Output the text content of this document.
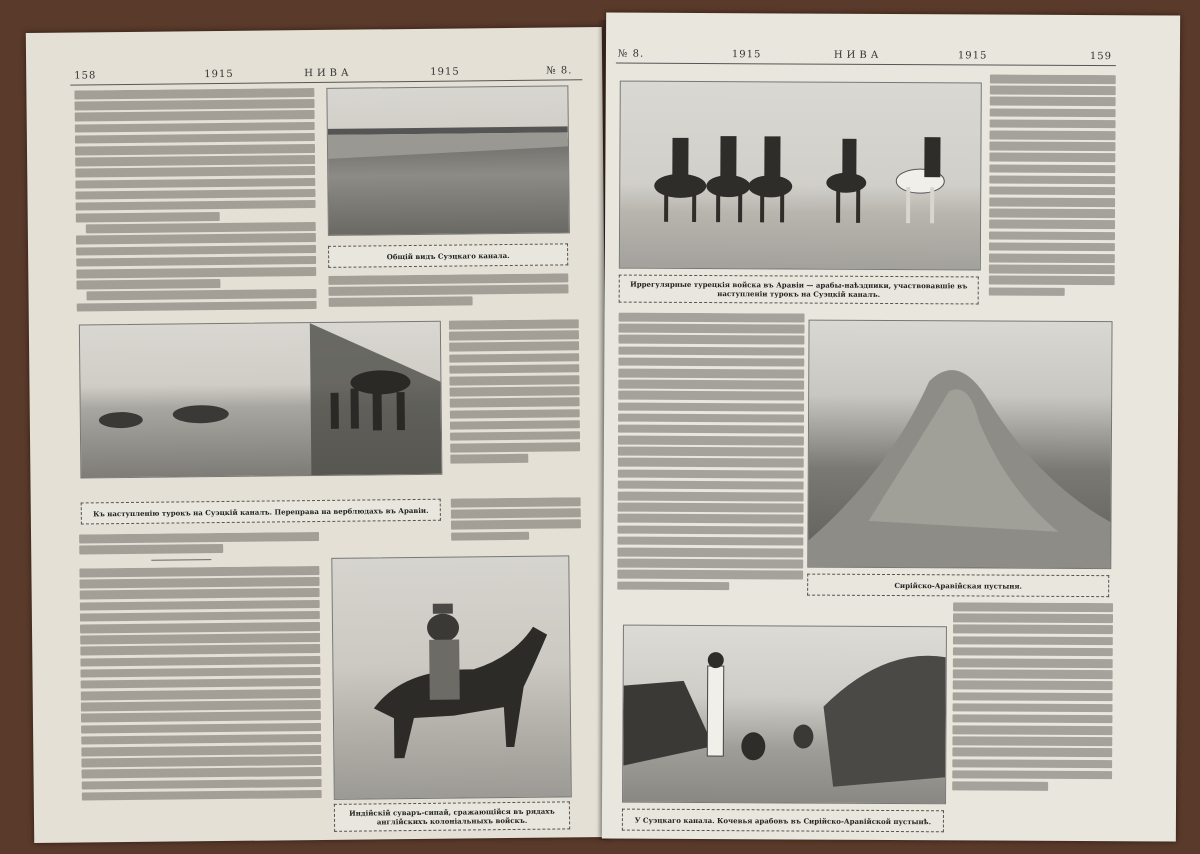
158	1915	НИВА	1915	№ 8.
Общiй видъ Суэцкаго канала.
Къ наступленiю турокъ на Суэцкiй каналъ. Переправа на верблюдахъ въ Аравiи.
Индiйскiй суваръ-сипай, сражающiйся въ рядахъ англiйскихъ колонiальныхъ войскъ.
№ 8.	1915	НИВА	1915	159
Иррегулярные турецкiя войска въ Аравiи — арабы-наѣздники, участвовавшiе въ наступленiи турокъ на Суэцкiй каналъ.
Сирiйско-Аравiйская пустыня.
У Суэцкаго канала. Кочевья арабовъ въ Сирiйско-Аравiйской пустынѣ.
